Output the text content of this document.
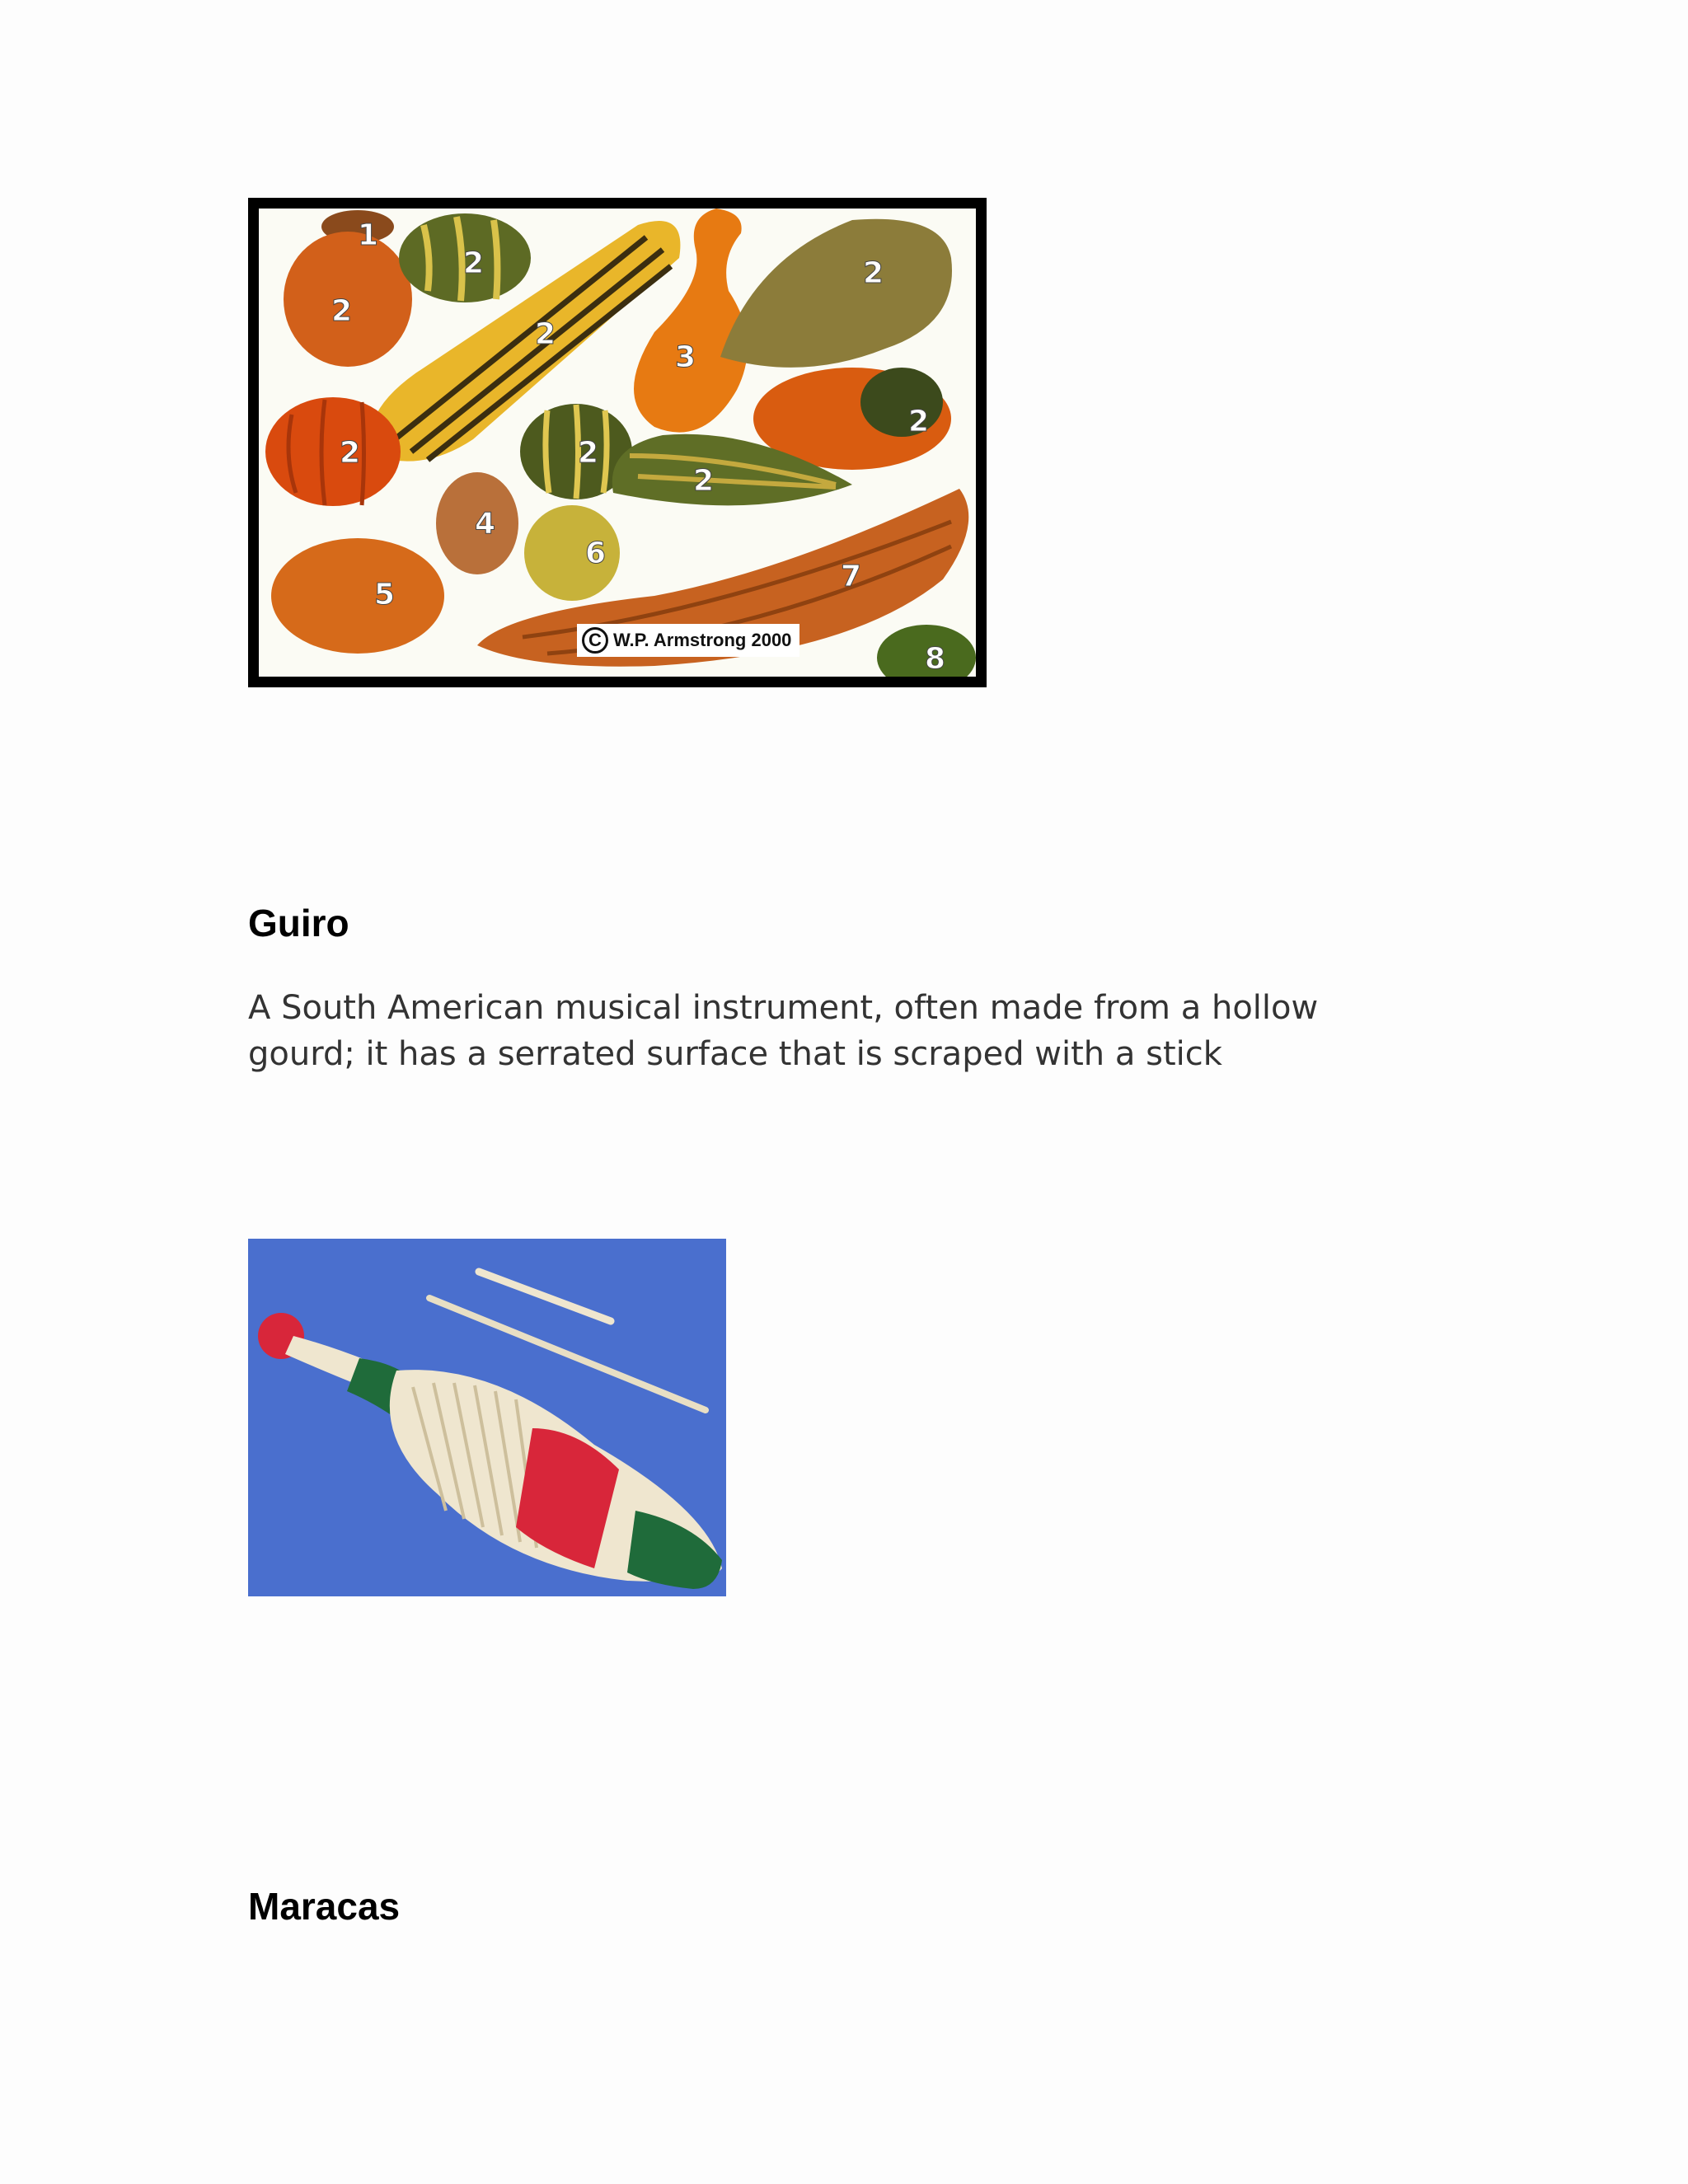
1
2
2
2
2
3
2
2	2
2
4
6
7
5
8
C W.P. Armstrong 2000
Guiro

A South American musical instrument, often made from a hollow gourd; it has a serrated surface that is scraped with a stick

Maracas
